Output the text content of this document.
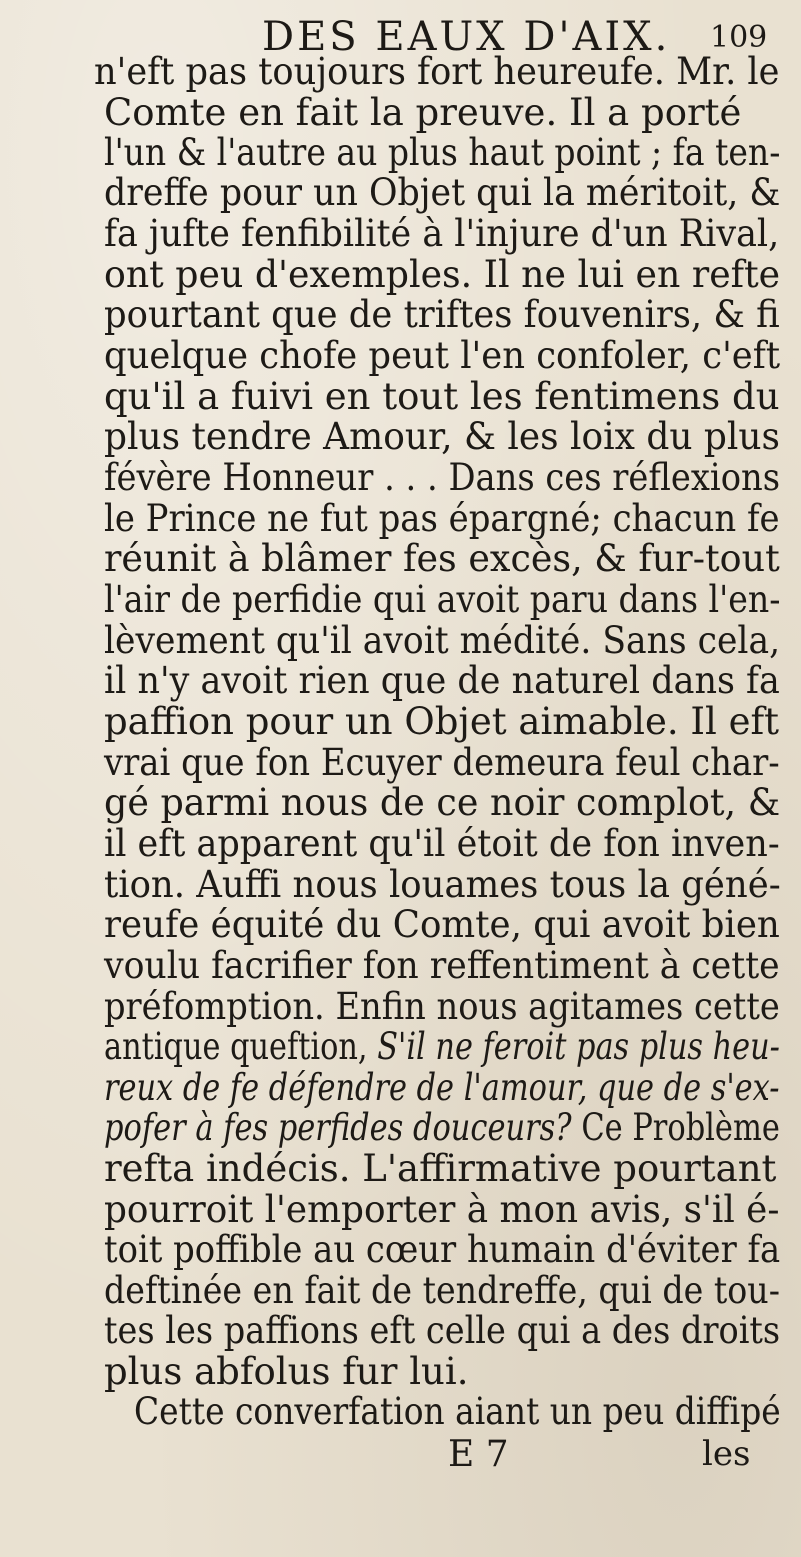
DES EAUX D'AIX. 109
n'eft pas toujours fort heureufe. Mr. le
Comte en fait la preuve. Il a porté
l'un & l'autre au plus haut point ; fa ten-
dreffe pour un Objet qui la méritoit, &
fa jufte fenfibilité à l'injure d'un Rival,
ont peu d'exemples. Il ne lui en refte
pourtant que de triftes fouvenirs, & fi
quelque chofe peut l'en confoler, c'eft
qu'il a fuivi en tout les fentimens du
plus tendre Amour, & les loix du plus
févère Honneur . . . Dans ces réflexions
le Prince ne fut pas épargné; chacun fe
réunit à blâmer fes excès, & fur-tout
l'air de perfidie qui avoit paru dans l'en-
lèvement qu'il avoit médité. Sans cela,
il n'y avoit rien que de naturel dans fa
paffion pour un Objet aimable. Il eft
vrai que fon Ecuyer demeura feul char-
gé parmi nous de ce noir complot, &
il eft apparent qu'il étoit de fon inven-
tion. Auffi nous louames tous la géné-
reufe équité du Comte, qui avoit bien
voulu facrifier fon reffentiment à cette
préfomption. Enfin nous agitames cette
antique queftion, S'il ne feroit pas plus heu-
reux de fe défendre de l'amour, que de s'ex-
pofer à fes perfides douceurs? Ce Problème
refta indécis. L'affirmative pourtant
pourroit l'emporter à mon avis, s'il é-
toit poffible au cœur humain d'éviter fa
deftinée en fait de tendreffe, qui de tou-
tes les paffions eft celle qui a des droits
plus abfolus fur lui.
Cette converfation aiant un peu diffipé
E 7	les
